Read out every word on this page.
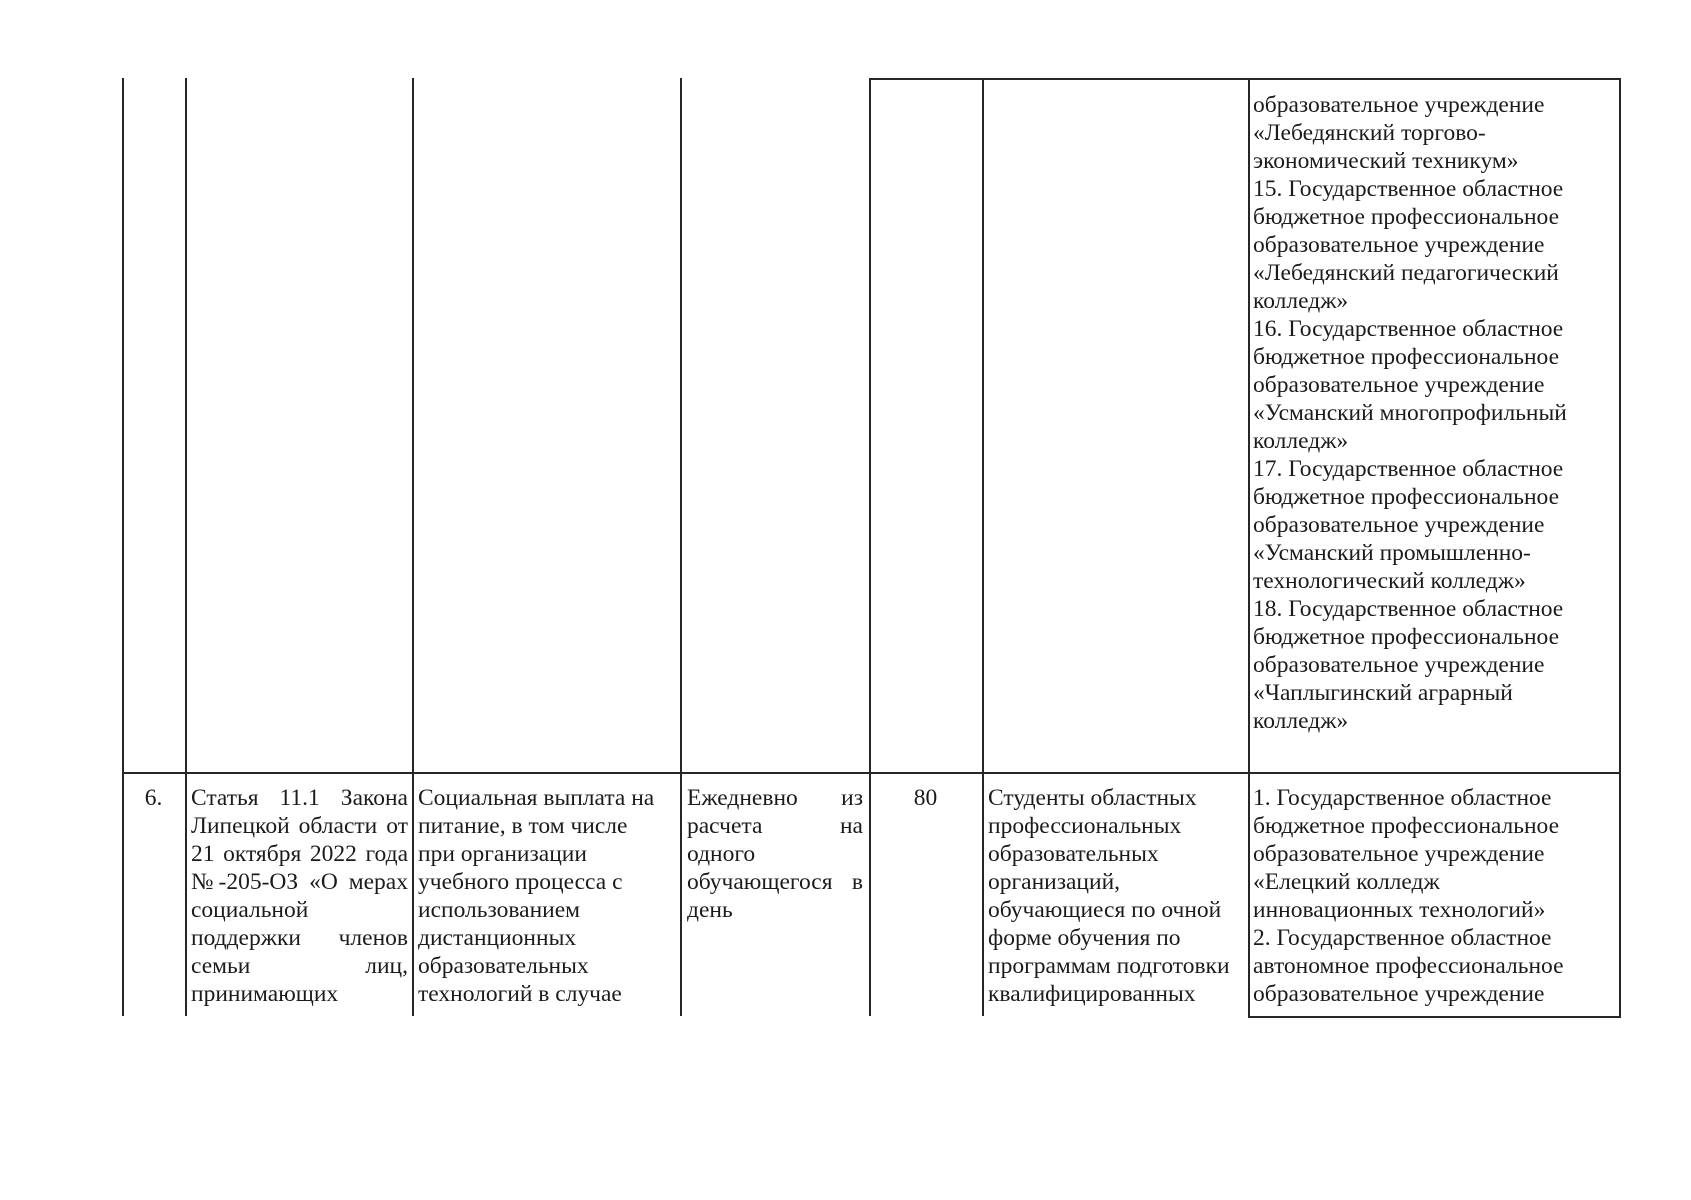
образовательное учреждение
«Лебедянский торгово-
экономический техникум»
15. Государственное областное
бюджетное профессиональное
образовательное учреждение
«Лебедянский педагогический
колледж»
16. Государственное областное
бюджетное профессиональное
образовательное учреждение
«Усманский многопрофильный
колледж»
17. Государственное областное
бюджетное профессиональное
образовательное учреждение
«Усманский промышленно-
технологический колледж»
18. Государственное областное
бюджетное профессиональное
образовательное учреждение
«Чаплыгинский аграрный
колледж»
6.	Статья 11.1 Закона
Липецкой области от
21 октября 2022 года
№-205-ОЗ «О мерах
социальной
поддержки членов
семьи лиц,
принимающих
Социальная выплата на
питание, в том числе
при организации
учебного процесса с
использованием
дистанционных
образовательных
технологий в случае
Ежедневно из
расчета на
одного
обучающегося в
день
80	Студенты областных
профессиональных
образовательных
организаций,
обучающиеся по очной
форме обучения по
программам подготовки
квалифицированных
1. Государственное областное
бюджетное профессиональное
образовательное учреждение
«Елецкий колледж
инновационных технологий»
2. Государственное областное
автономное профессиональное
образовательное учреждение
